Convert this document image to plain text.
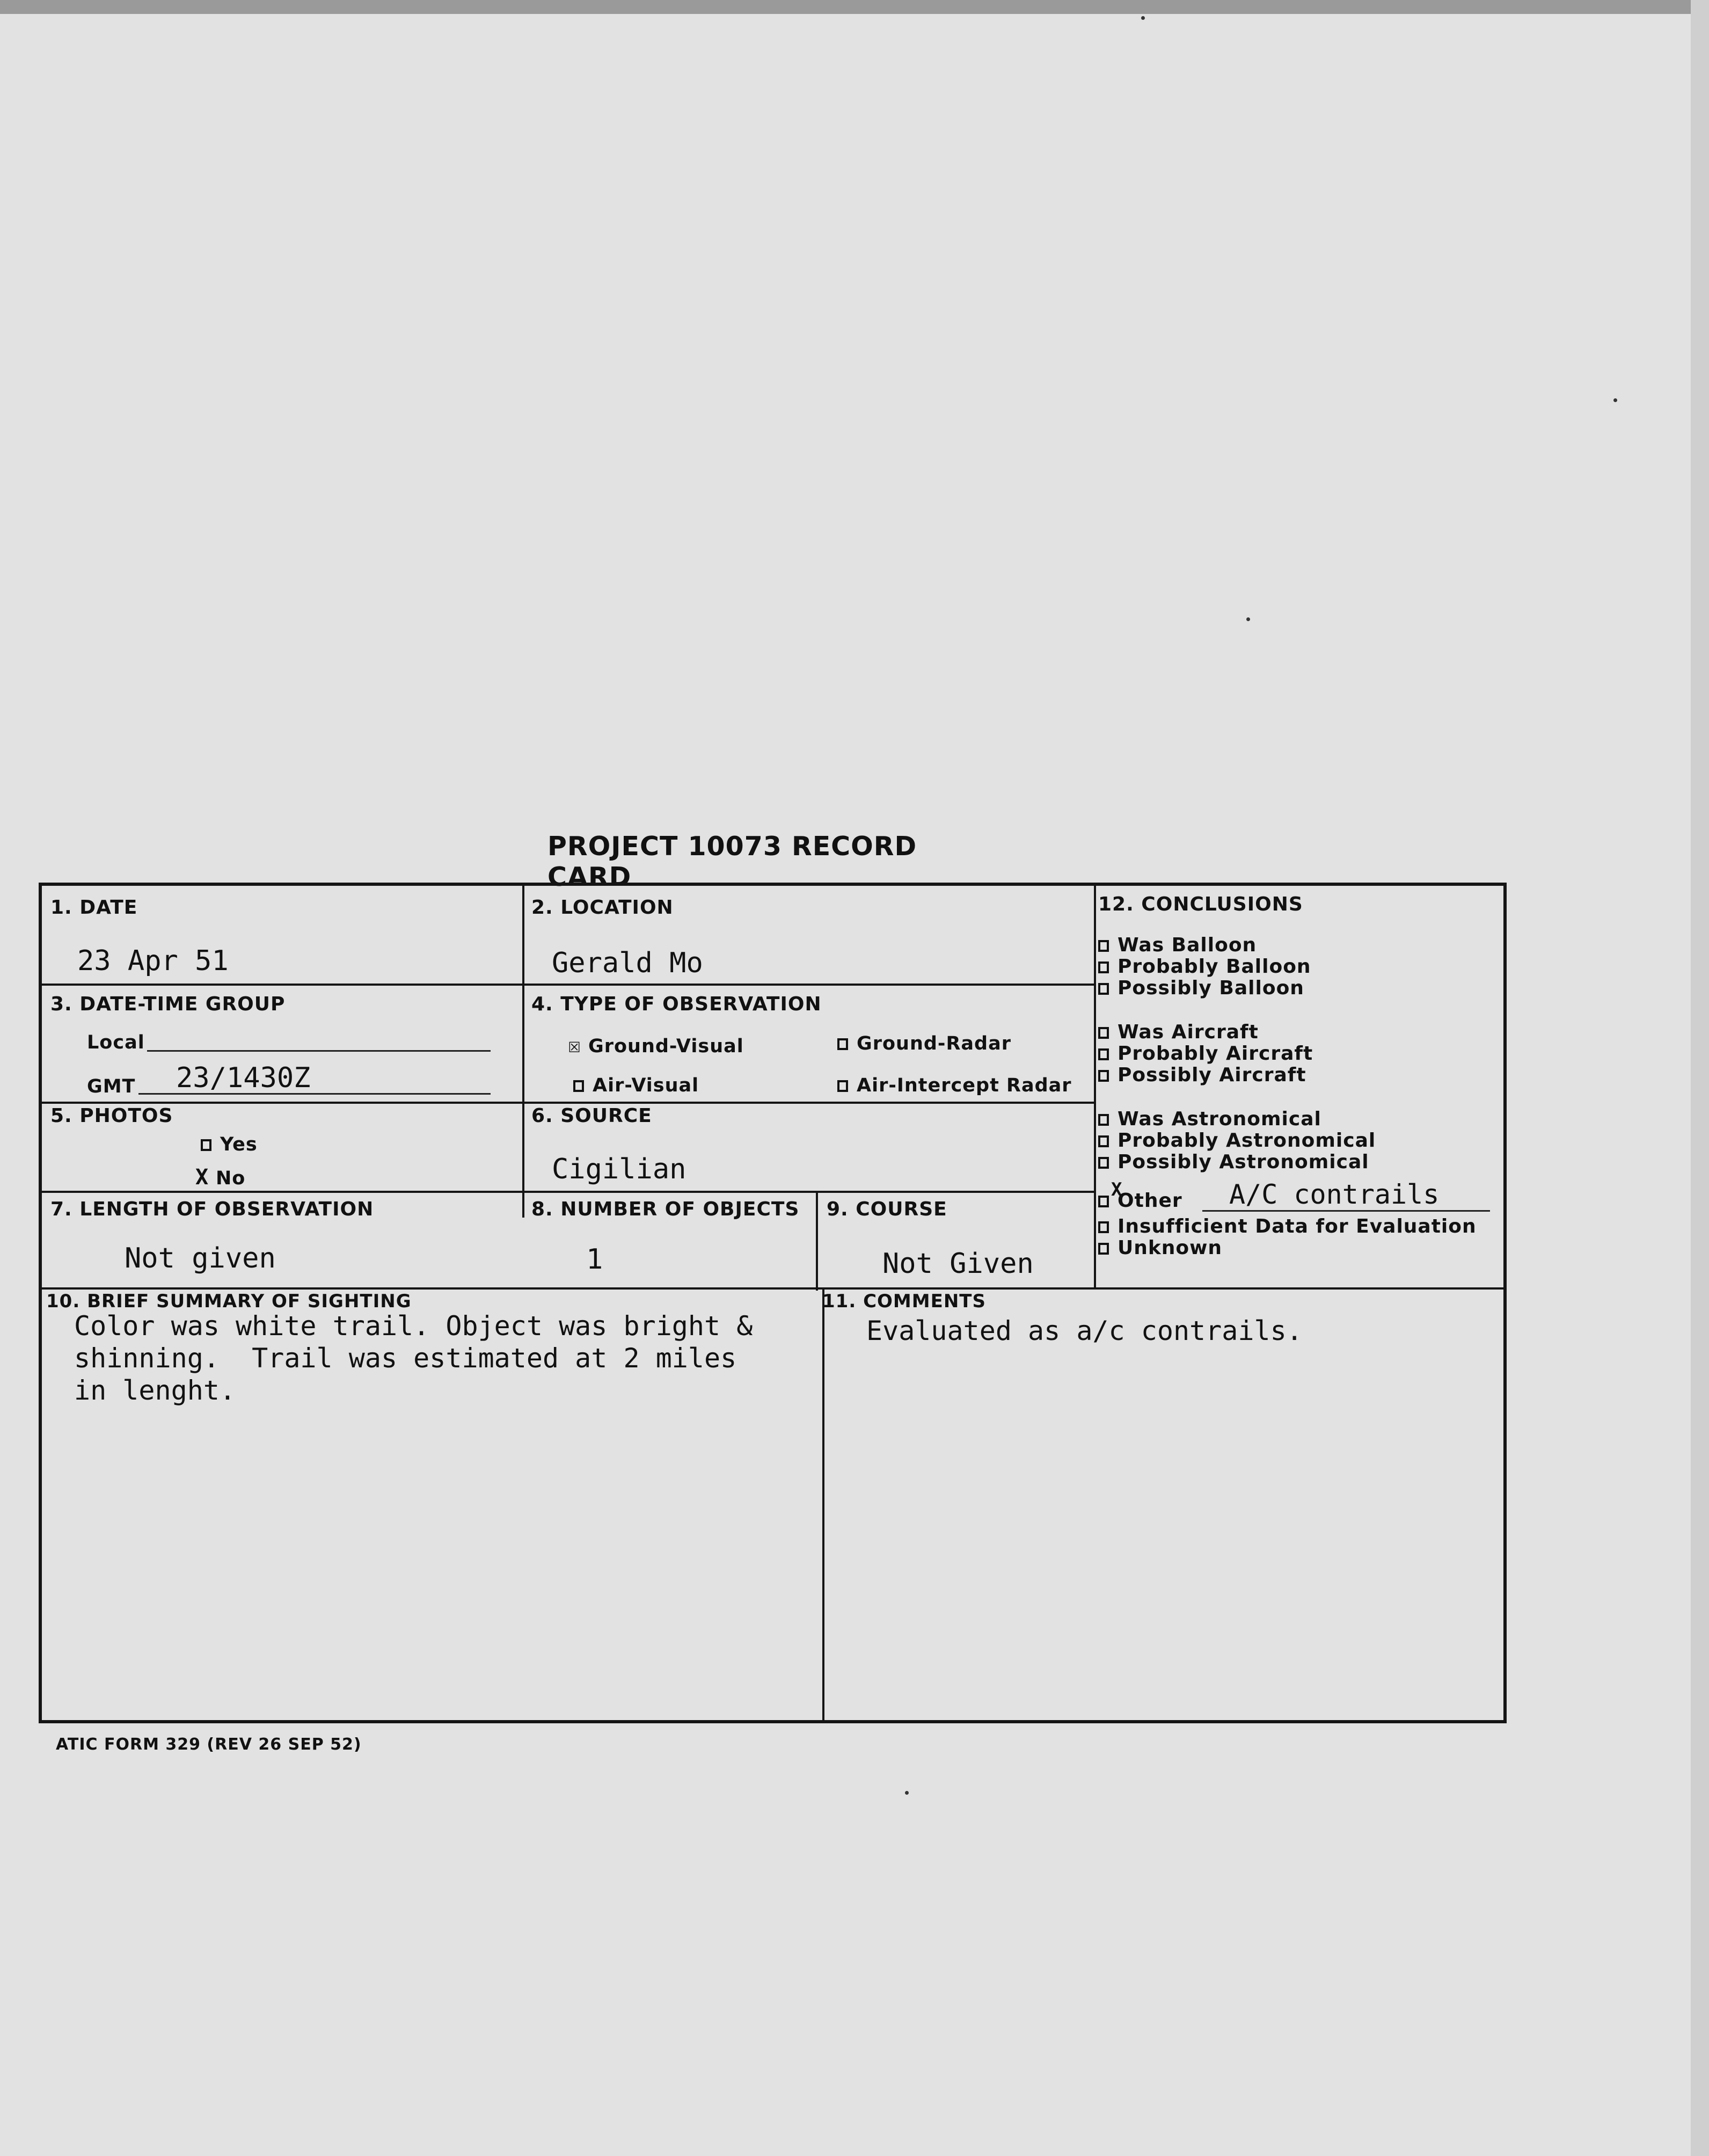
PROJECT 10073 RECORD CARD
1. DATE
23 Apr 51
2. LOCATION
Gerald Mo
3. DATE-TIME GROUP
Local
GMT 23/1430Z
4. TYPE OF OBSERVATION
☒ Ground-Visual	Ground-Radar
Air-Visual	Air-Intercept Radar
5. PHOTOS
Yes
X No
6. SOURCE
Cigilian
7. LENGTH OF OBSERVATION
Not given
8. NUMBER OF OBJECTS
1
9. COURSE
Not Given
10. BRIEF SUMMARY OF SIGHTING
Color was white trail. Object was bright &
shinning.  Trail was estimated at 2 miles
in lenght.
11. COMMENTS
Evaluated as a/c contrails.
12. CONCLUSIONS
Was Balloon
Probably Balloon
Possibly Balloon
Was Aircraft
Probably Aircraft
Possibly Aircraft
Was Astronomical
Probably Astronomical
Possibly Astronomical
X
Other A/C contrails
Insufficient Data for Evaluation
Unknown
ATIC FORM 329 (REV 26 SEP 52)
